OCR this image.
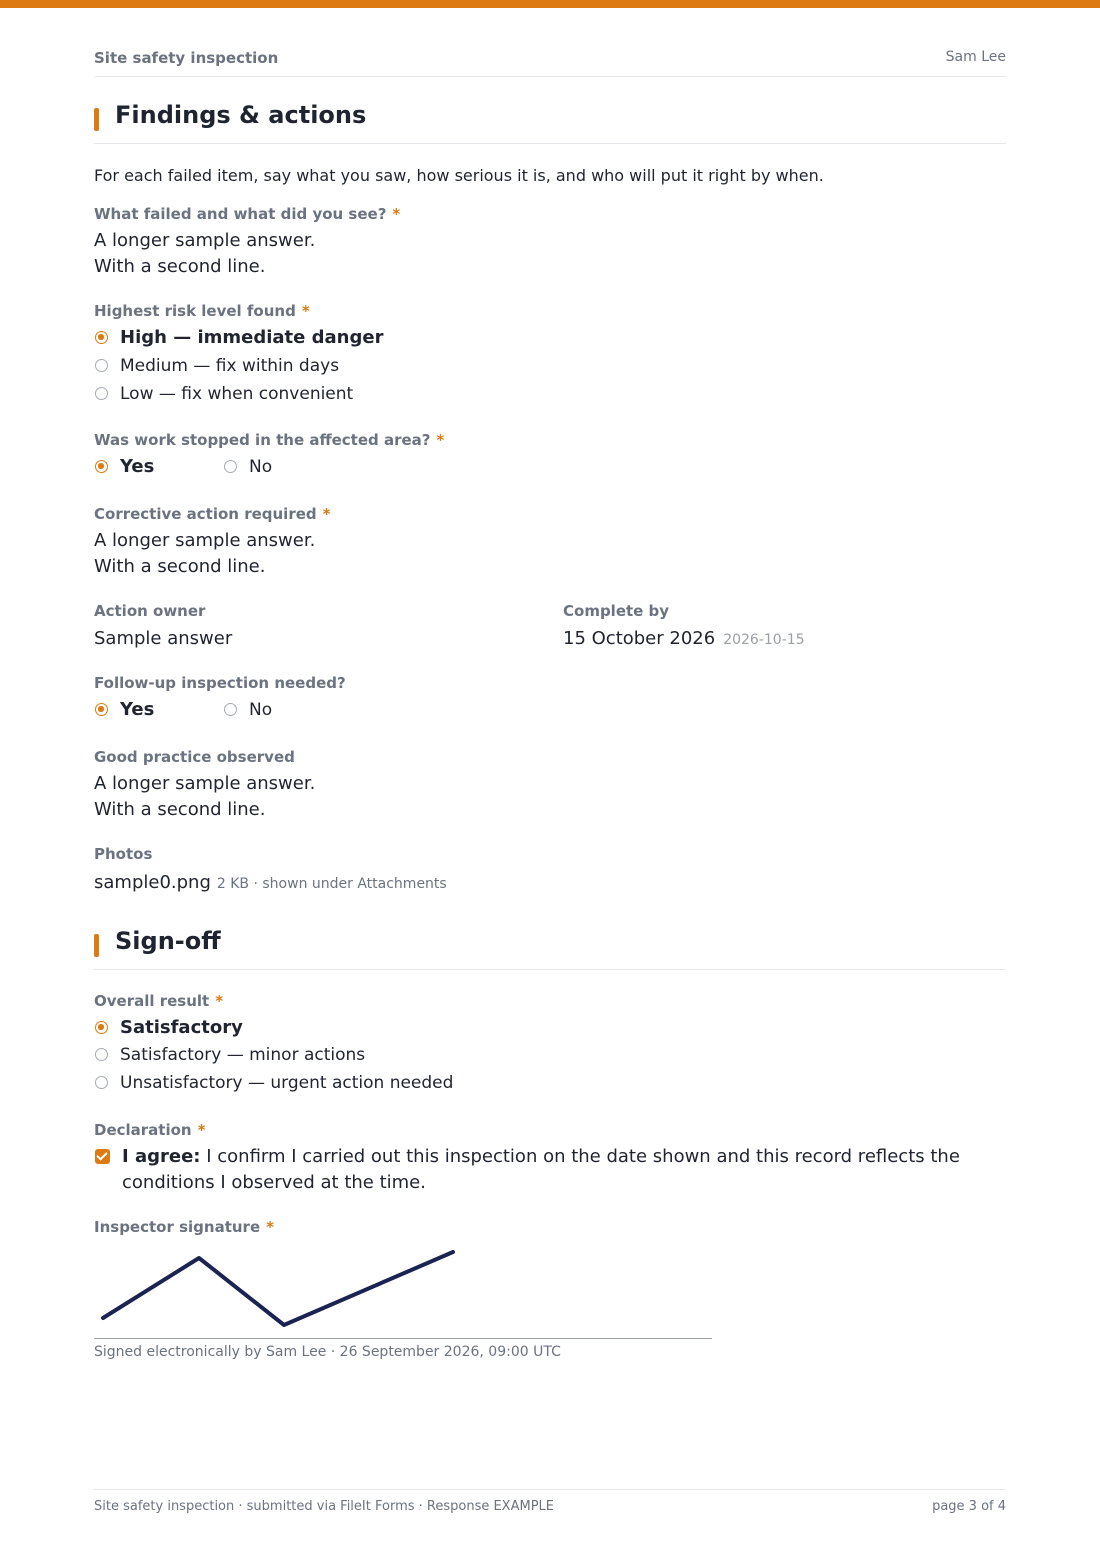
Site safety inspection	Sam Lee
Findings & actions
For each failed item, say what you saw, how serious it is, and who will put it right by when.
What failed and what did you see? *
A longer sample answer.
With a second line.
Highest risk level found *
High — immediate danger
Medium — fix within days
Low — fix when convenient
Was work stopped in the affected area? *
Yes	No
Corrective action required *
A longer sample answer.
With a second line.
Action owner
Sample answer
Complete by
15 October 2026 2026-10-15
Follow-up inspection needed?
Yes	No
Good practice observed
A longer sample answer.
With a second line.
Photos
sample0.png 2 KB · shown under Attachments
Sign-off
Overall result *
Satisfactory
Satisfactory — minor actions
Unsatisfactory — urgent action needed
Declaration *
I agree: I confirm I carried out this inspection on the date shown and this record reflects the conditions I observed at the time.
Inspector signature *
Signed electronically by Sam Lee · 26 September 2026, 09:00 UTC
Site safety inspection · submitted via FileIt Forms · Response EXAMPLE	page 3 of 4
